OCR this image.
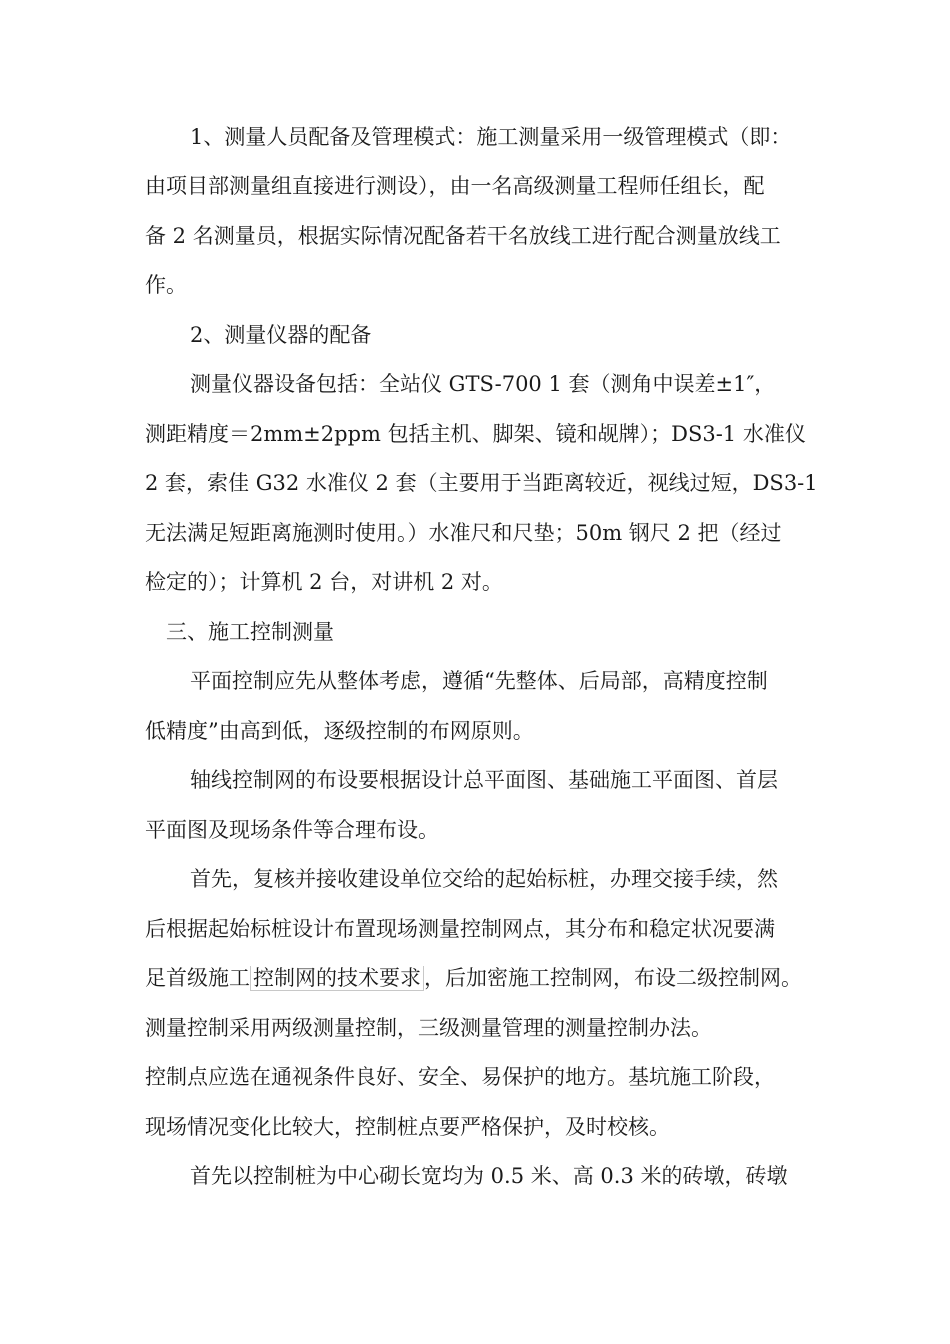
1、测量人员配备及管理模式：施工测量采用一级管理模式（即：
由项目部测量组直接进行测设），由一名高级测量工程师任组长，配
备 2 名测量员，根据实际情况配备若干名放线工进行配合测量放线工
作。
2、测量仪器的配备
测量仪器设备包括：全站仪 GTS-700 1 套（测角中误差±1″，
测距精度＝2mm±2ppm 包括主机、脚架、镜和觇牌）；DS3-1 水准仪
2 套，索佳 G32 水准仪 2 套（主要用于当距离较近，视线过短，DS3-1
无法满足短距离施测时使用。）水准尺和尺垫；50m 钢尺 2 把（经过
检定的）；计算机 2 台，对讲机 2 对。
三、施工控制测量
平面控制应先从整体考虑，遵循“先整体、后局部，高精度控制
低精度”由高到低，逐级控制的布网原则。
轴线控制网的布设要根据设计总平面图、基础施工平面图、首层
平面图及现场条件等合理布设。
首先，复核并接收建设单位交给的起始标桩，办理交接手续，然
后根据起始标桩设计布置现场测量控制网点，其分布和稳定状况要满
足首级施工 控制网的技术要求 ，后加密施工控制网，布设二级控制网。
测量控制采用两级测量控制，三级测量管理的测量控制办法。
控制点应选在通视条件良好、安全、易保护的地方。基坑施工阶段，
现场情况变化比较大，控制桩点要严格保护，及时校核。
首先以控制桩为中心砌长宽均为 0.5 米、高 0.3 米的砖墩，砖墩
